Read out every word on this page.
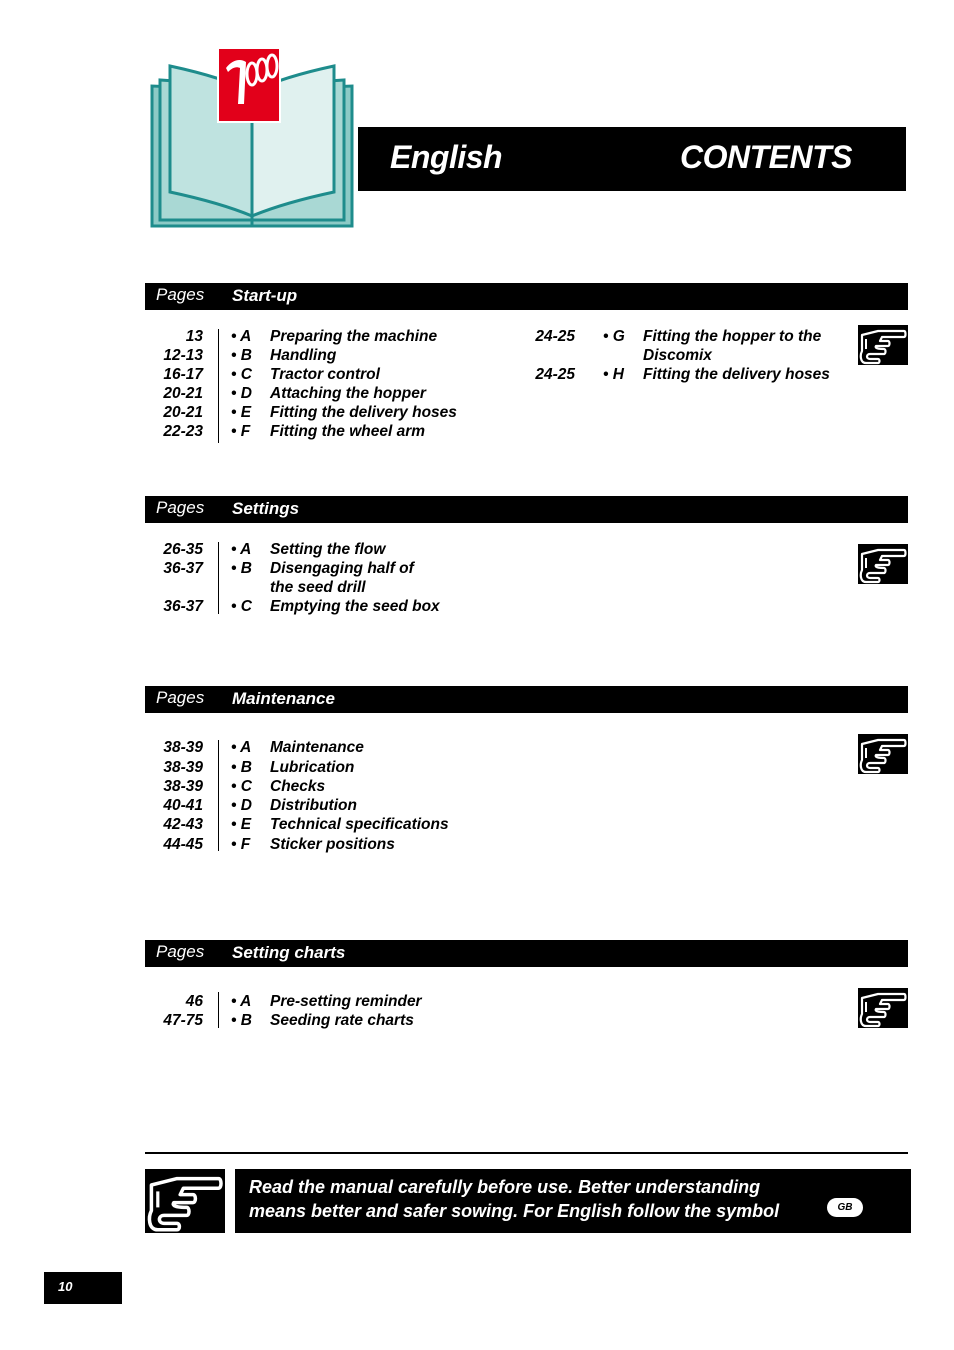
English	CONTENTS
Pages Start-up
13 • A	Preparing the machine
12-13 • B	Handling
16-17 • C	Tractor control
20-21 • D	Attaching the hopper
20-21 • E	Fitting the delivery hoses
22-23 • F	Fitting the wheel arm
24-25 • G	Fitting the hopper to the
Discomix
24-25 • H	Fitting the delivery hoses
Pages Settings
26-35 • A	Setting the flow
36-37 • B	Disengaging half of
the seed drill
36-37 • C	Emptying the seed box
Pages Maintenance
38-39 • A	Maintenance
38-39 • B	Lubrication
38-39 • C	Checks
40-41 • D	Distribution
42-43 • E	Technical specifications
44-45 • F	Sticker positions
Pages Setting charts
46 • A	Pre-setting reminder
47-75 • B	Seeding rate charts
Read the manual carefully before use. Better understanding
means better and safer sowing. For English follow the symbol	GB
10
